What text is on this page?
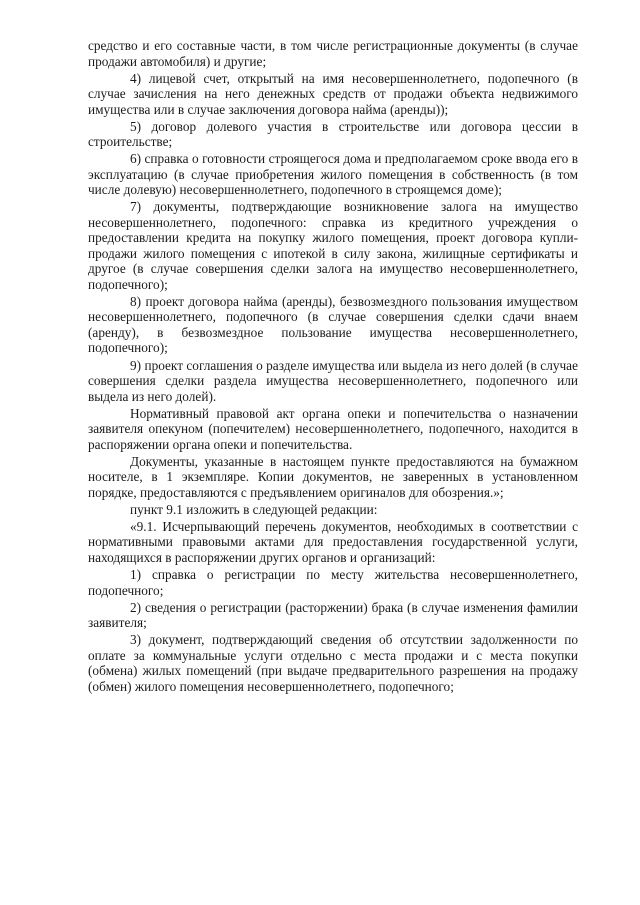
средство и его составные части, в том числе регистрационные документы (в случае продажи автомобиля) и другие;

4) лицевой счет, открытый на имя несовершеннолетнего, подопечного (в случае зачисления на него денежных средств от продажи объекта недвижимого имущества или в случае заключения договора найма (аренды));

5) договор долевого участия в строительстве или договора цессии в строительстве;

6) справка о готовности строящегося дома и предполагаемом сроке ввода его в эксплуатацию (в случае приобретения жилого помещения в собственность (в том числе долевую) несовершеннолетнего, подопечного в строящемся доме);

7) документы, подтверждающие возникновение залога на имущество несовершеннолетнего, подопечного: справка из кредитного учреждения о предоставлении кредита на покупку жилого помещения, проект договора купли-продажи жилого помещения с ипотекой в силу закона, жилищные сертификаты и другое (в случае совершения сделки залога на имущество несовершеннолетнего, подопечного);

8) проект договора найма (аренды), безвозмездного пользования имуществом несовершеннолетнего, подопечного (в случае совершения сделки сдачи внаем (аренду), в безвозмездное пользование имущества несовершеннолетнего, подопечного);

9) проект соглашения о разделе имущества или выдела из него долей (в случае совершения сделки раздела имущества несовершеннолетнего, подопечного или выдела из него долей).

Нормативный правовой акт органа опеки и попечительства о назначении заявителя опекуном (попечителем) несовершеннолетнего, подопечного, находится в распоряжении органа опеки и попечительства.

Документы, указанные в настоящем пункте предоставляются на бумажном носителе, в 1 экземпляре. Копии документов, не заверенных в установленном порядке, предоставляются с предъявлением оригиналов для обозрения.»;

пункт 9.1 изложить в следующей редакции:

«9.1. Исчерпывающий перечень документов, необходимых в соответствии с нормативными правовыми актами для предоставления государственной услуги, находящихся в распоряжении других органов и организаций:

1) справка о регистрации по месту жительства несовершеннолетнего, подопечного;

2) сведения о регистрации (расторжении) брака (в случае изменения фамилии заявителя;

3) документ, подтверждающий сведения об отсутствии задолженности по оплате за коммунальные услуги отдельно с места продажи и с места покупки (обмена) жилых помещений (при выдаче предварительного разрешения на продажу (обмен) жилого помещения несовершеннолетнего, подопечного;
